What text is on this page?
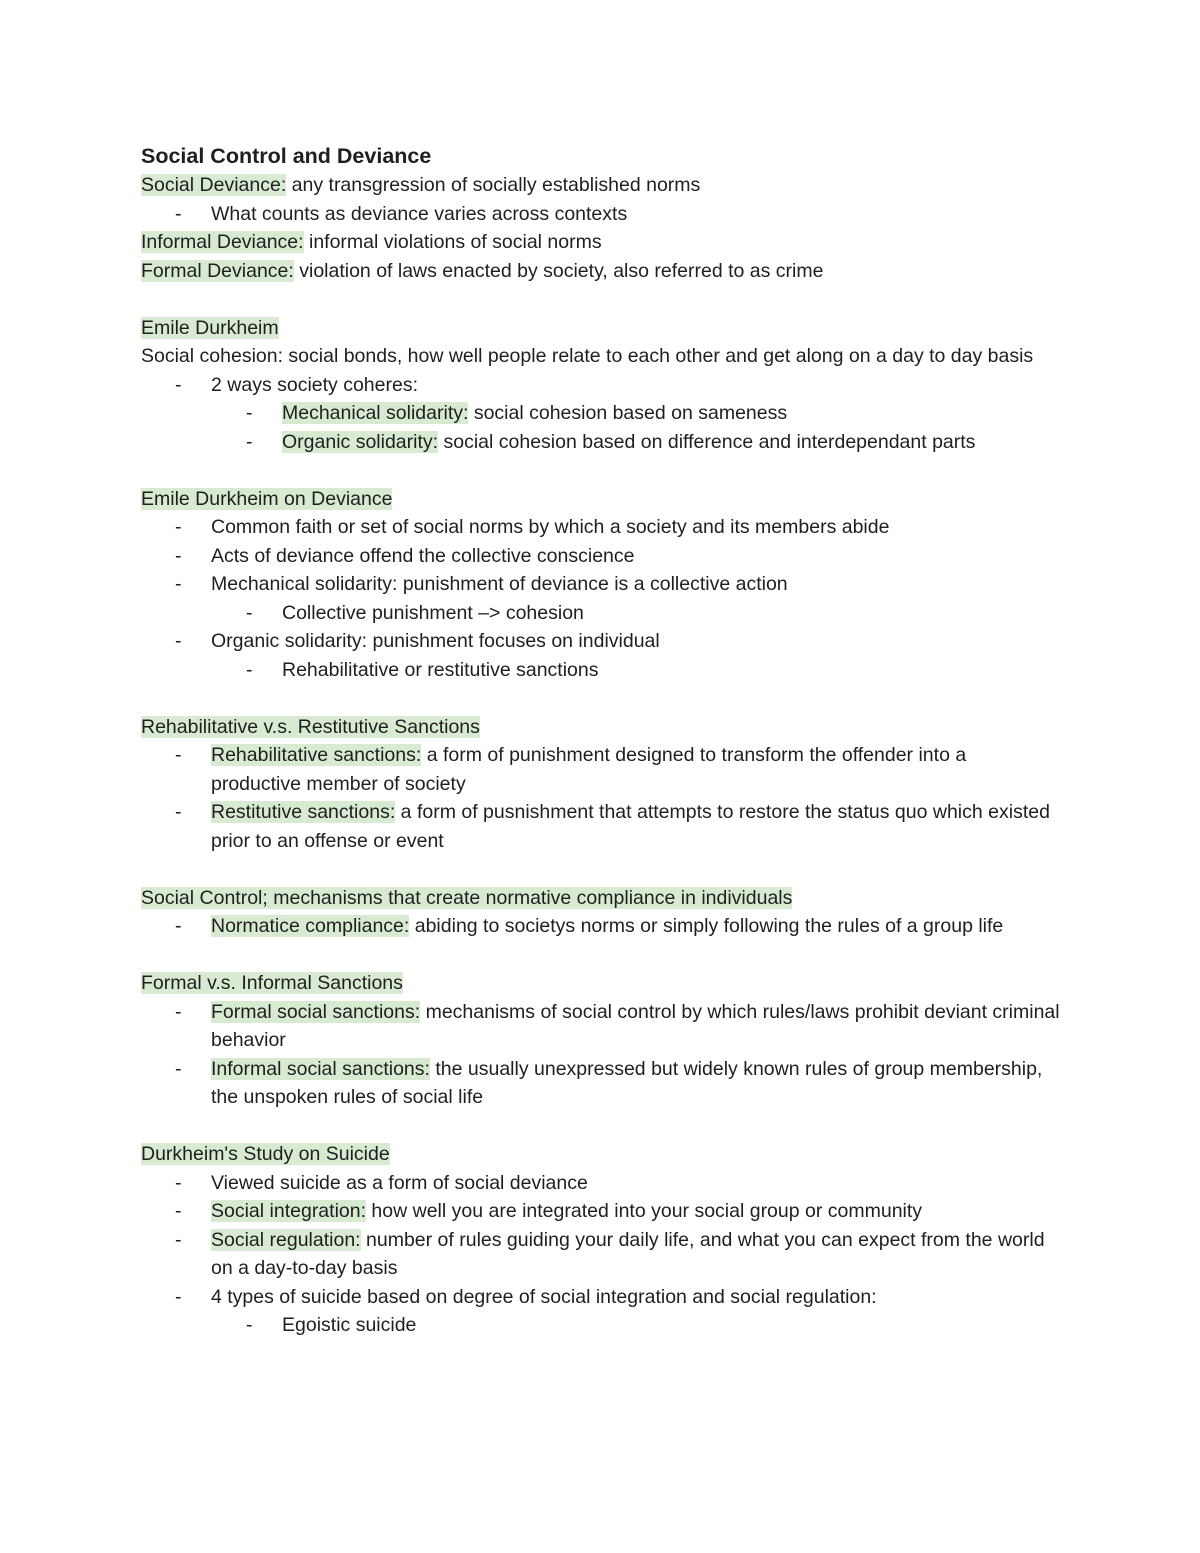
Social Control and Deviance
Social Deviance: any transgression of socially established norms
- What counts as deviance varies across contexts
Informal Deviance: informal violations of social norms
Formal Deviance: violation of laws enacted by society, also referred to as crime
Emile Durkheim
Social cohesion: social bonds, how well people relate to each other and get along on a day to day basis
- 2 ways society coheres:
- Mechanical solidarity: social cohesion based on sameness
- Organic solidarity: social cohesion based on difference and interdependant parts
Emile Durkheim on Deviance
- Common faith or set of social norms by which a society and its members abide
- Acts of deviance offend the collective conscience
- Mechanical solidarity: punishment of deviance is a collective action
- Collective punishment –> cohesion
- Organic solidarity: punishment focuses on individual
- Rehabilitative or restitutive sanctions
Rehabilitative v.s. Restitutive Sanctions
- Rehabilitative sanctions: a form of punishment designed to transform the offender into a productive member of society
- Restitutive sanctions: a form of pusnishment that attempts to restore the status quo which existed prior to an offense or event
Social Control; mechanisms that create normative compliance in individuals
- Normatice compliance: abiding to societys norms or simply following the rules of a group life
Formal v.s. Informal Sanctions
- Formal social sanctions: mechanisms of social control by which rules/laws prohibit deviant criminal behavior
- Informal social sanctions: the usually unexpressed but widely known rules of group membership, the unspoken rules of social life
Durkheim's Study on Suicide
- Viewed suicide as a form of social deviance
- Social integration: how well you are integrated into your social group or community
- Social regulation: number of rules guiding your daily life, and what you can expect from the world on a day-to-day basis
- 4 types of suicide based on degree of social integration and social regulation:
- Egoistic suicide
